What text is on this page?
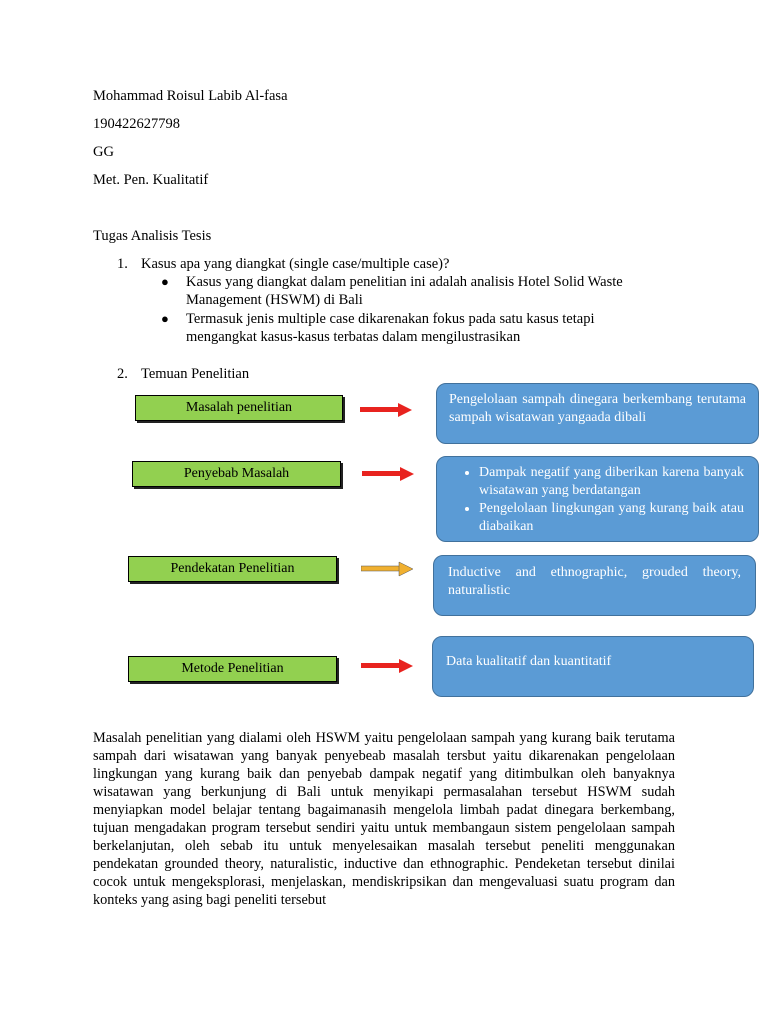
Mohammad Roisul Labib Al-fasa
190422627798
GG
Met. Pen. Kualitatif
Tugas Analisis Tesis
1. Kasus apa yang diangkat (single case/multiple case)?
● Kasus yang diangkat dalam penelitian ini adalah analisis Hotel Solid Waste Management (HSWM) di Bali
● Termasuk jenis multiple case dikarenakan fokus pada satu kasus tetapi mengangkat kasus-kasus terbatas dalam mengilustrasikan
2. Temuan Penelitian
Masalah penelitian

Pengelolaan sampah dinegara berkembang terutama sampah wisatawan yangaada dibali

Penyebab Masalah
•	Dampak negatif yang diberikan karena banyak wisatawan yang berdatangan
• Pengelolaan lingkungan yang kurang baik atau diabaikan
Pendekatan Penelitian	Inductive and ethnographic, grouded theory, naturalistic

Metode Penelitian	Data kualitatif dan kuantitatif

Masalah penelitian yang dialami oleh HSWM yaitu pengelolaan sampah yang kurang baik terutama sampah dari wisatawan yang banyak penyebeab masalah tersbut yaitu dikarenakan pengelolaan lingkungan yang kurang baik dan penyebab dampak negatif yang ditimbulkan oleh banyaknya wisatawan yang berkunjung di Bali untuk menyikapi permasalahan tersebut HSWM sudah menyiapkan model belajar tentang bagaimanasih mengelola limbah padat dinegara berkembang, tujuan mengadakan program tersebut sendiri yaitu untuk membangaun sistem pengelolaan sampah berkelanjutan, oleh sebab itu untuk menyelesaikan masalah tersebut peneliti menggunakan pendekatan grounded theory, naturalistic, inductive dan ethnographic. Pendeketan tersebut dinilai cocok untuk mengeksplorasi, menjelaskan, mendiskripsikan dan mengevaluasi suatu program dan konteks yang asing bagi peneliti tersebut
